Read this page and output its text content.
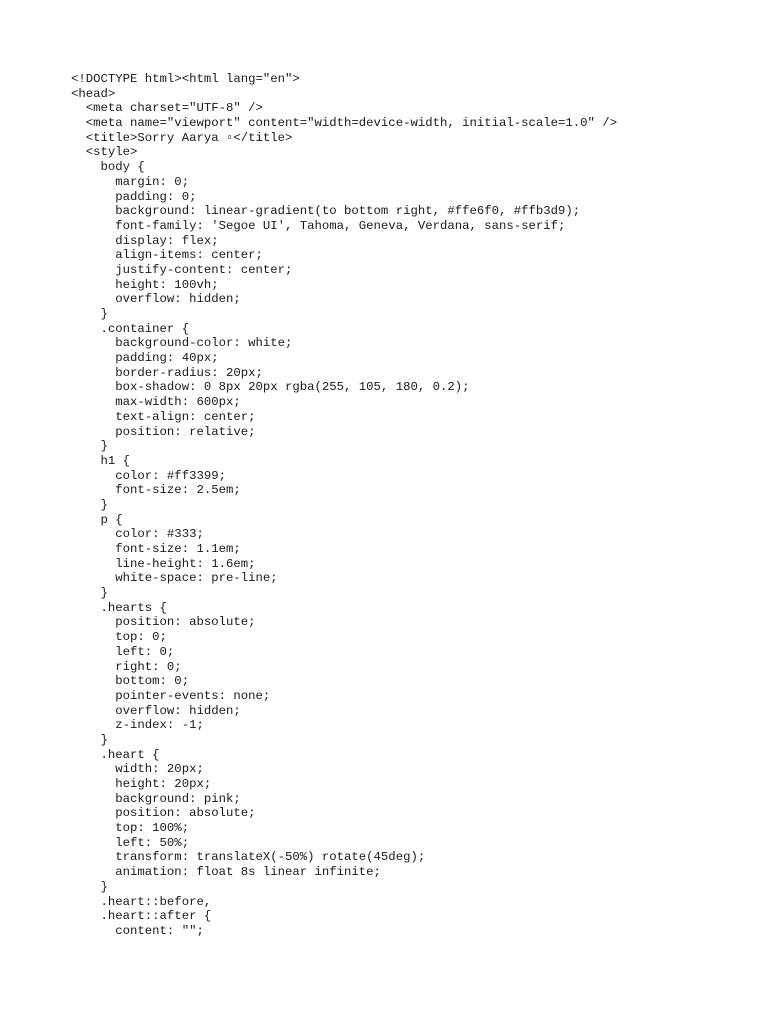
<!DOCTYPE html><html lang="en">
<head>
<meta charset="UTF-8" />
<meta name="viewport" content="width=device-width, initial-scale=1.0" />
<title>Sorry Aarya ▫</title>
<style>
body {
margin: 0;
padding: 0;
background: linear-gradient(to bottom right, #ffe6f0, #ffb3d9);
font-family: 'Segoe UI', Tahoma, Geneva, Verdana, sans-serif;
display: flex;
align-items: center;
justify-content: center;
height: 100vh;
overflow: hidden;
}
.container {
background-color: white;
padding: 40px;
border-radius: 20px;
box-shadow: 0 8px 20px rgba(255, 105, 180, 0.2);
max-width: 600px;
text-align: center;
position: relative;
}
h1 {
color: #ff3399;
font-size: 2.5em;
}
p {
color: #333;
font-size: 1.1em;
line-height: 1.6em;
white-space: pre-line;
}
.hearts {
position: absolute;
top: 0;
left: 0;
right: 0;
bottom: 0;
pointer-events: none;
overflow: hidden;
z-index: -1;
}
.heart {
width: 20px;
height: 20px;
background: pink;
position: absolute;
top: 100%;
left: 50%;
transform: translateX(-50%) rotate(45deg);
animation: float 8s linear infinite;
}
.heart::before,
.heart::after {
content: "";
